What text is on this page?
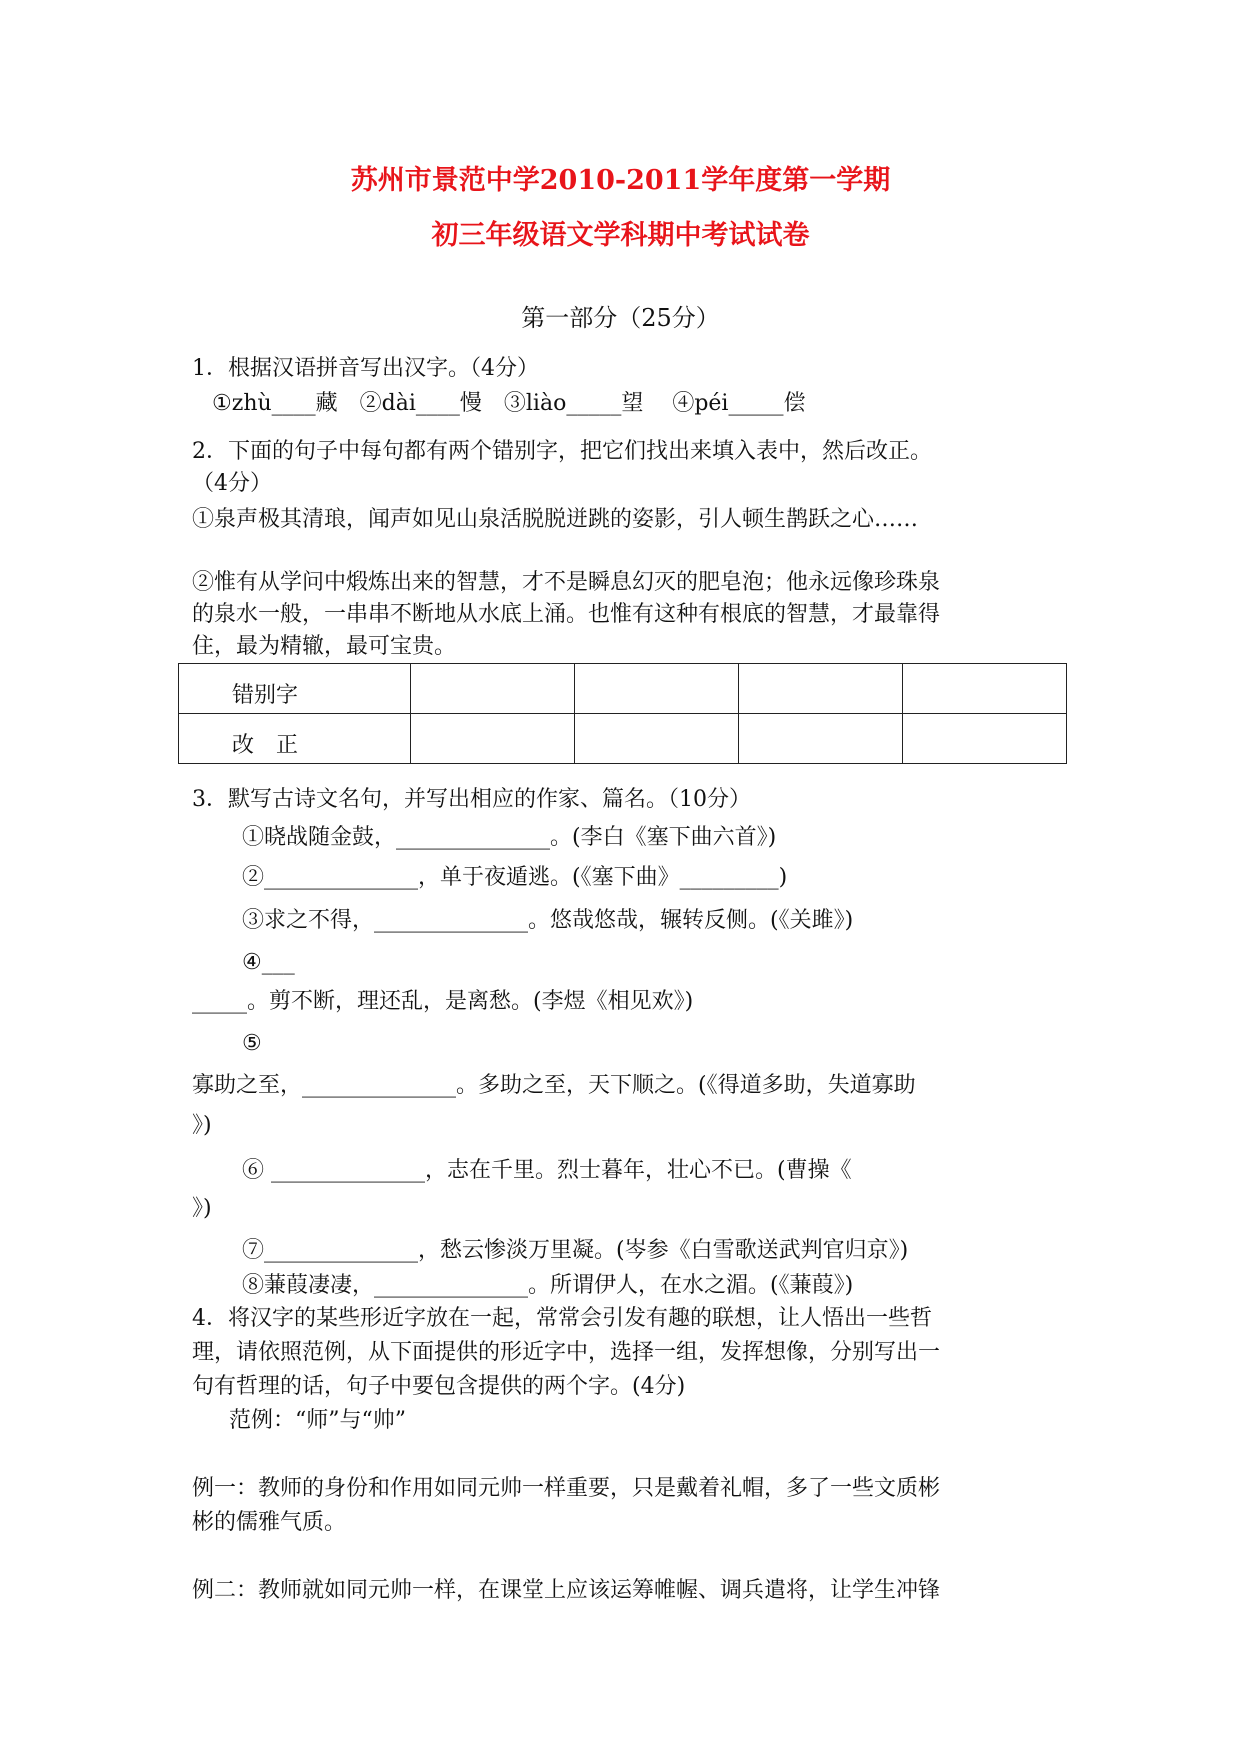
苏州市景范中学2010-2011学年度第一学期
初三年级语文学科期中考试试卷
第一部分（25分）
1．根据汉语拼音写出汉字。（4分）
①zhù____藏　②dài____慢　③liào_____望　 ④péi_____偿
2．下面的句子中每句都有两个错别字，把它们找出来填入表中，然后改正。
（4分）
①泉声极其清琅，闻声如见山泉活脱脱迸跳的姿影，引人顿生鹊跃之心……
②惟有从学问中煅炼出来的智慧，才不是瞬息幻灭的肥皂泡；他永远像珍珠泉
的泉水一般，一串串不断地从水底上涌。也惟有这种有根底的智慧，才最靠得
住，最为精辙，最可宝贵。
错别字				
改　正				
3．默写古诗文名句，并写出相应的作家、篇名。（10分）
①晓战随金鼓，______________。(李白《塞下曲六首》)
②______________，单于夜遁逃。(《塞下曲》_________)
③求之不得，______________。悠哉悠哉，辗转反侧。(《关雎》)
④___
_____。剪不断，理还乱，是离愁。(李煜《相见欢》)
⑤
寡助之至，______________。多助之至，天下顺之。(《得道多助，失道寡助
》)
⑥ ______________，志在千里。烈士暮年，壮心不已。(曹操《
》)
⑦______________，愁云惨淡万里凝。(岑参《白雪歌送武判官归京》)
⑧蒹葭凄凄，______________。所谓伊人，在水之湄。(《蒹葭》)
4．将汉字的某些形近字放在一起，常常会引发有趣的联想，让人悟出一些哲
理，请依照范例，从下面提供的形近字中，选择一组，发挥想像，分别写出一
句有哲理的话，句子中要包含提供的两个字。(4分)
范例：“师”与“帅”
例一：教师的身份和作用如同元帅一样重要，只是戴着礼帽，多了一些文质彬
彬的儒雅气质。
例二：教师就如同元帅一样，在课堂上应该运筹帷幄、调兵遣将，让学生冲锋
